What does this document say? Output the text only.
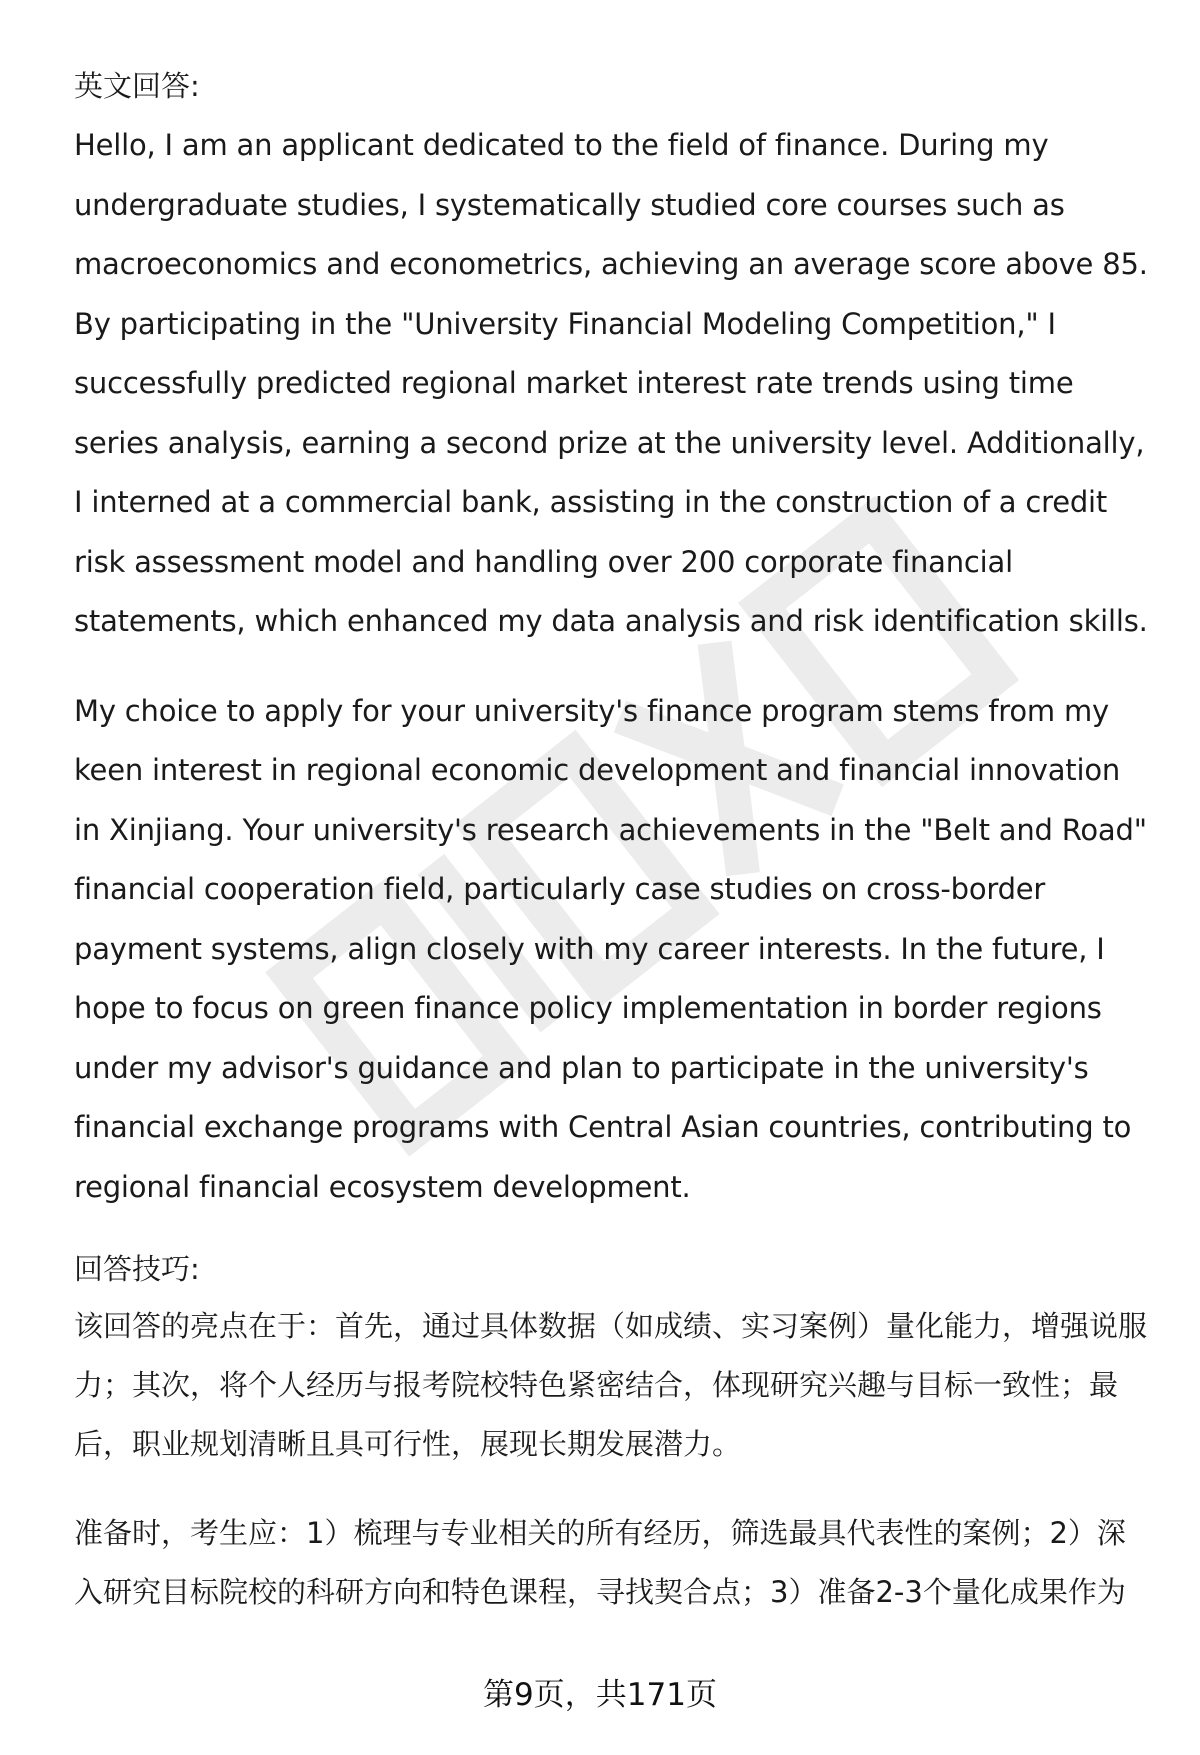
英文回答:

Hello, I am an applicant dedicated to the field of finance. During my undergraduate studies, I systematically studied core courses such as macroeconomics and econometrics, achieving an average score above 85. By participating in the "University Financial Modeling Competition," I successfully predicted regional market interest rate trends using time series analysis, earning a second prize at the university level. Additionally, I interned at a commercial bank, assisting in the construction of a credit risk assessment model and handling over 200 corporate financial statements, which enhanced my data analysis and risk identification skills.

My choice to apply for your university's finance program stems from my keen interest in regional economic development and financial innovation in Xinjiang. Your university's research achievements in the "Belt and Road" financial cooperation field, particularly case studies on cross-border payment systems, align closely with my career interests. In the future, I hope to focus on green finance policy implementation in border regions under my advisor's guidance and plan to participate in the university's financial exchange programs with Central Asian countries, contributing to regional financial ecosystem development.

回答技巧:

该回答的亮点在于：首先，通过具体数据（如成绩、实习案例）量化能力，增强说服力；其次，将个人经历与报考院校特色紧密结合，体现研究兴趣与目标一致性；最后，职业规划清晰且具可行性，展现长期发展潜力。

准备时，考生应：1）梳理与专业相关的所有经历，筛选最具代表性的案例；2）深入研究目标院校的科研方向和特色课程，寻找契合点；3）准备2-3个量化成果作为

第9页，共171页
